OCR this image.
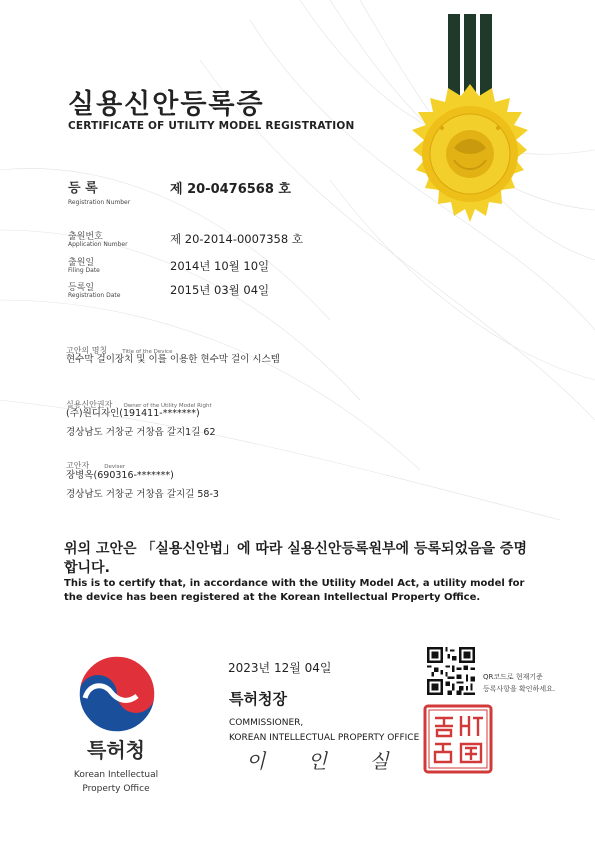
실용신안등록증
CERTIFICATE OF UTILITY MODEL REGISTRATION
등 록
Registration Number
제 20-0476568 호
출원번호
Application Number	제 20-2014-0007358 호
출원일
Filing Date	2014년 10월 10일
등록일
Registration Date	2015년 03월 04일
고안의 명칭	Title of the Device
현수막 걸이장치 및 이를 이용한 현수막 걸이 시스템
실용신안권자 Owner of the Utility Model Right
(주)원디자인(191411-*******)
경상남도 거창군 거창읍 갈지1길 62
고안자	Deviser
장병옥(690316-*******)
경상남도 거창군 거창읍 갈지길 58-3
위의 고안은 「실용신안법」에 따라 실용신안등록원부에 등록되었음을 증명합니다.
This is to certify that, in accordance with the Utility Model Act, a utility model for the device has been registered at the Korean Intellectual Property Office.
2023년 12월 04일
QR코드로 현재기준
등록사항을 확인하세요.
특허청장
COMMISSIONER,
KOREAN INTELLECTUAL PROPERTY OFFICE
이 인 실
특허청
Korean Intellectual
Property Office
